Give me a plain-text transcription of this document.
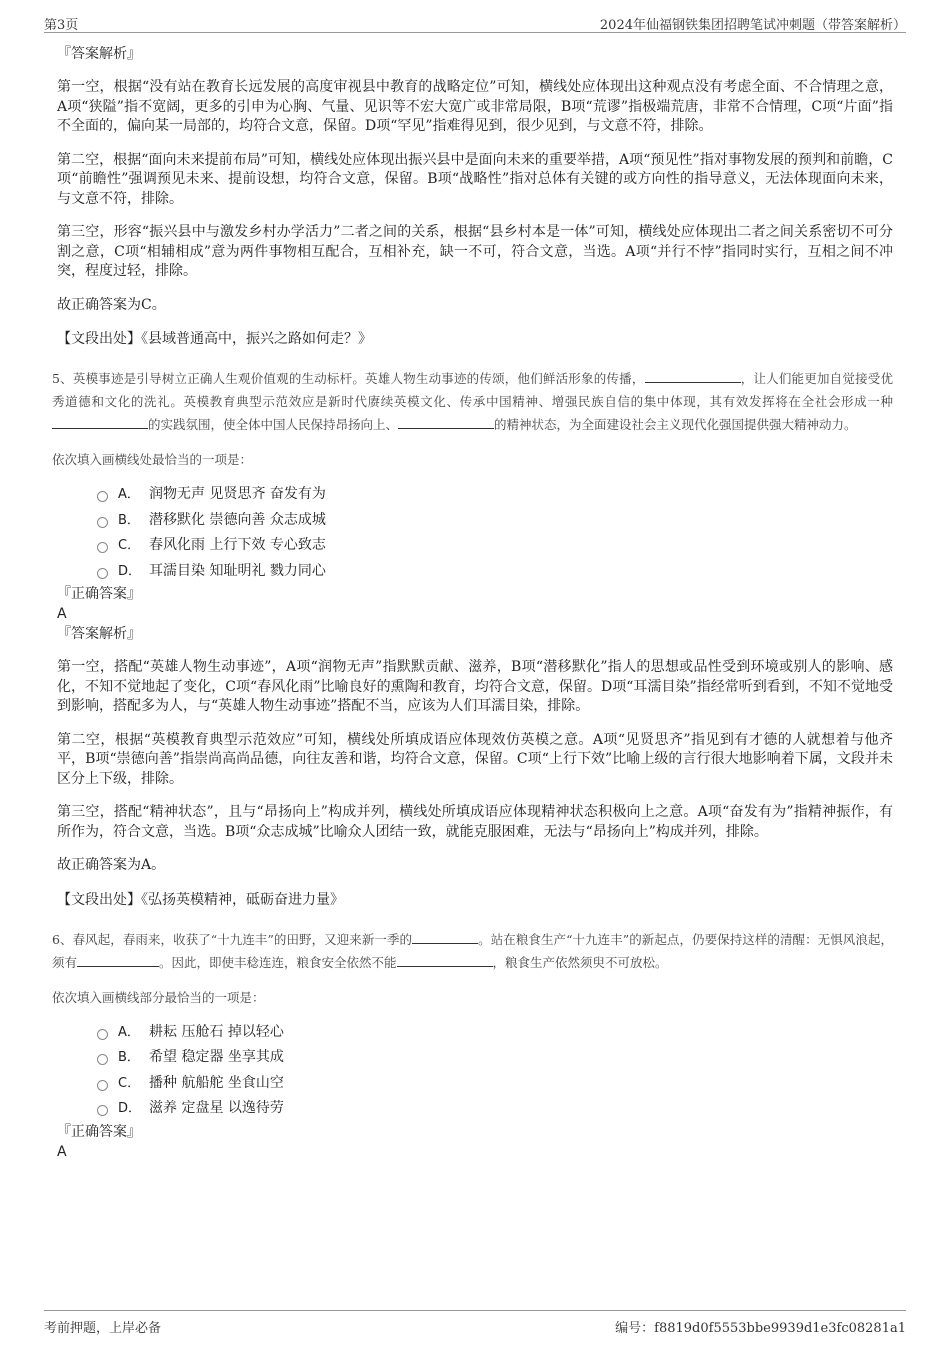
第3页	2024年仙福钢铁集团招聘笔试冲刺题（带答案解析）

『答案解析』

第一空，根据“没有站在教育长远发展的高度审视县中教育的战略定位”可知，横线处应体现出这种观点没有考虑全面、不合情理之意，A项“狭隘”指不宽阔，更多的引申为心胸、气量、见识等不宏大宽广或非常局限，B项“荒谬”指极端荒唐，非常不合情理，C项“片面”指不全面的，偏向某一局部的，均符合文意，保留。D项“罕见”指难得见到，很少见到，与文意不符，排除。

第二空，根据“面向未来提前布局”可知，横线处应体现出振兴县中是面向未来的重要举措，A项“预见性”指对事物发展的预判和前瞻，C项“前瞻性”强调预见未来、提前设想，均符合文意，保留。B项“战略性”指对总体有关键的或方向性的指导意义，无法体现面向未来，与文意不符，排除。

第三空，形容“振兴县中与激发乡村办学活力”二者之间的关系，根据“县乡村本是一体”可知，横线处应体现出二者之间关系密切不可分割之意，C项“相辅相成”意为两件事物相互配合，互相补充，缺一不可，符合文意，当选。A项“并行不悖”指同时实行，互相之间不冲突，程度过轻，排除。

故正确答案为C。

【文段出处】《县域普通高中，振兴之路如何走？》

5、英模事迹是引导树立正确人生观价值观的生动标杆。英雄人物生动事迹的传颂，他们鲜活形象的传播，	，让人们能更加自觉接受优秀道德和文化的洗礼。英模教育典型示范效应是新时代赓续英模文化、传承中国精神、增强民族自信的集中体现，其有效发挥将在全社会形成一种的实践氛围，使全体中国人民保持昂扬向上、	的精神状态，为全面建设社会主义现代化强国提供强大精神动力。

依次填入画横线处最恰当的一项是：

A． 润物无声 见贤思齐 奋发有为
B． 潜移默化 崇德向善 众志成城
C． 春风化雨 上行下效 专心致志
D． 耳濡目染 知耻明礼 戮力同心

『正确答案』

A

『答案解析』

第一空，搭配“英雄人物生动事迹”，A项“润物无声”指默默贡献、滋养，B项“潜移默化”指人的思想或品性受到环境或别人的影响、感化，不知不觉地起了变化，C项“春风化雨”比喻良好的熏陶和教育，均符合文意，保留。D项“耳濡目染”指经常听到看到，不知不觉地受到影响，搭配多为人，与“英雄人物生动事迹”搭配不当，应该为人们耳濡目染，排除。

第二空，根据“英模教育典型示范效应”可知，横线处所填成语应体现效仿英模之意。A项“见贤思齐”指见到有才德的人就想着与他齐平，B项“崇德向善”指崇尚高尚品德，向往友善和谐，均符合文意，保留。C项“上行下效”比喻上级的言行很大地影响着下属，文段并未区分上下级，排除。

第三空，搭配“精神状态”，且与“昂扬向上”构成并列，横线处所填成语应体现精神状态积极向上之意。A项“奋发有为”指精神振作，有所作为，符合文意，当选。B项“众志成城”比喻众人团结一致，就能克服困难，无法与“昂扬向上”构成并列，排除。

故正确答案为A。

【文段出处】《弘扬英模精神，砥砺奋进力量》

6、春风起，春雨来，收获了“十九连丰”的田野，又迎来新一季的	。站在粮食生产“十九连丰”的新起点，仍要保持这样的清醒：无惧风浪起，须有	。因此，即使丰稔连连，粮食安全依然不能	，粮食生产依然须臾不可放松。

依次填入画横线部分最恰当的一项是：

A． 耕耘 压舱石 掉以轻心
B． 希望 稳定器 坐享其成
C． 播种 航船舵 坐食山空
D． 滋养 定盘星 以逸待劳

『正确答案』

A

考前押题，上岸必备	编号：f8819d0f5553bbe9939d1e3fc08281a1
